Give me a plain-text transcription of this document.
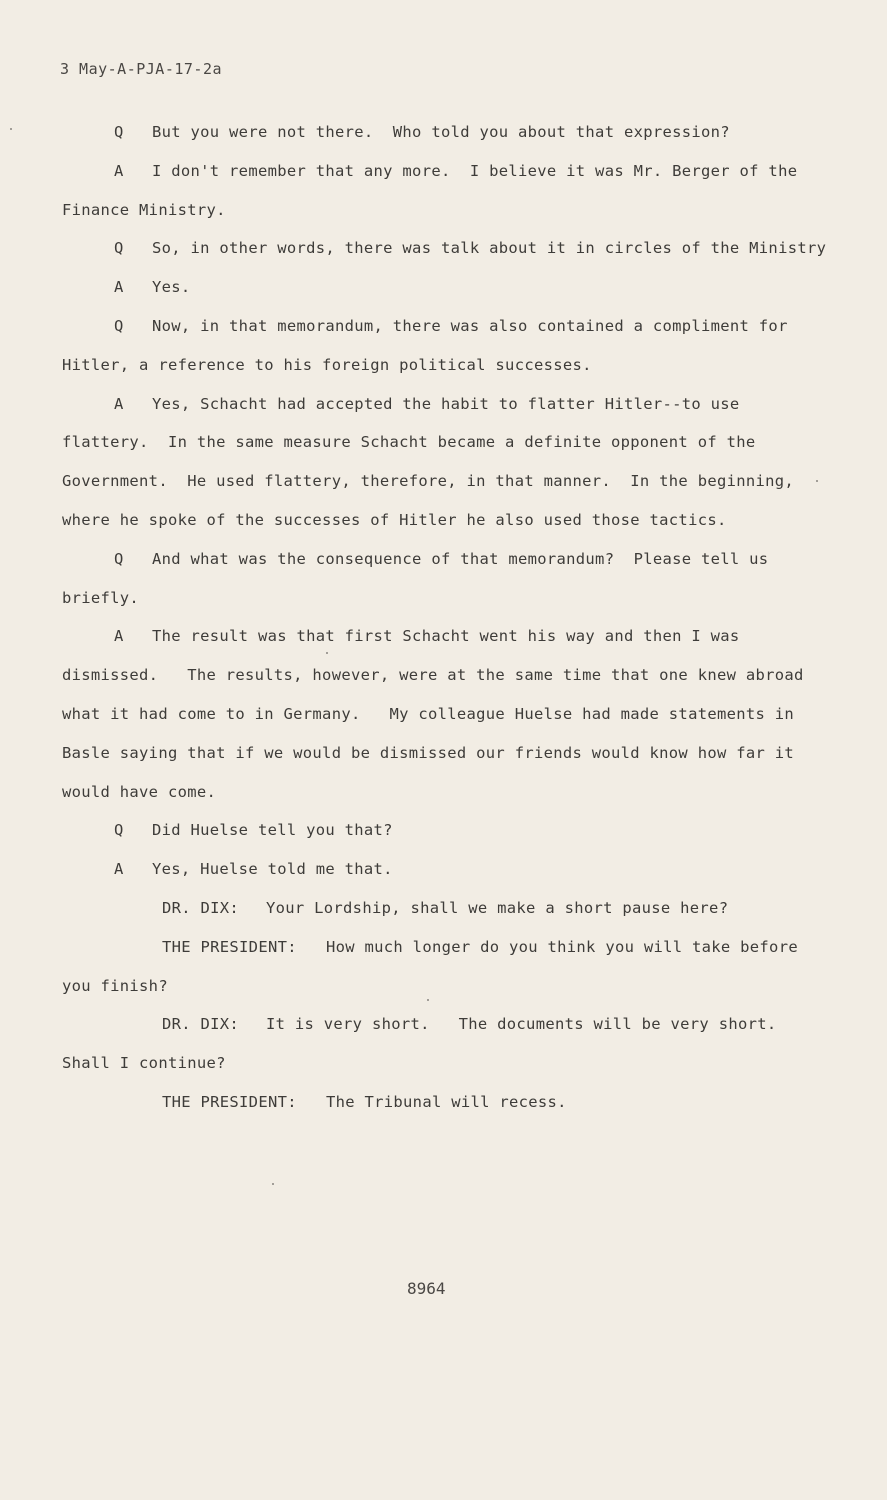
3 May-A-PJA-17-2a
Q But you were not there.  Who told you about that expression?
A I don't remember that any more.  I believe it was Mr. Berger of the
Finance Ministry.
Q So, in other words, there was talk about it in circles of the Ministry
A Yes.
Q Now, in that memorandum, there was also contained a compliment for
Hitler, a reference to his foreign political successes.
A Yes, Schacht had accepted the habit to flatter Hitler--to use
flattery.  In the same measure Schacht became a definite opponent of the
Government.  He used flattery, therefore, in that manner.  In the beginning,
where he spoke of the successes of Hitler he also used those tactics.
Q And what was the consequence of that memorandum?  Please tell us
briefly.
A The result was that first Schacht went his way and then I was
dismissed.   The results, however, were at the same time that one knew abroad
what it had come to in Germany.   My colleague Huelse had made statements in
Basle saying that if we would be dismissed our friends would know how far it
would have come.
Q Did Huelse tell you that?
A Yes, Huelse told me that.
DR. DIX: Your Lordship, shall we make a short pause here?
THE PRESIDENT: How much longer do you think you will take before
you finish?
DR. DIX: It is very short.   The documents will be very short.
Shall I continue?
THE PRESIDENT: The Tribunal will recess.
8964
